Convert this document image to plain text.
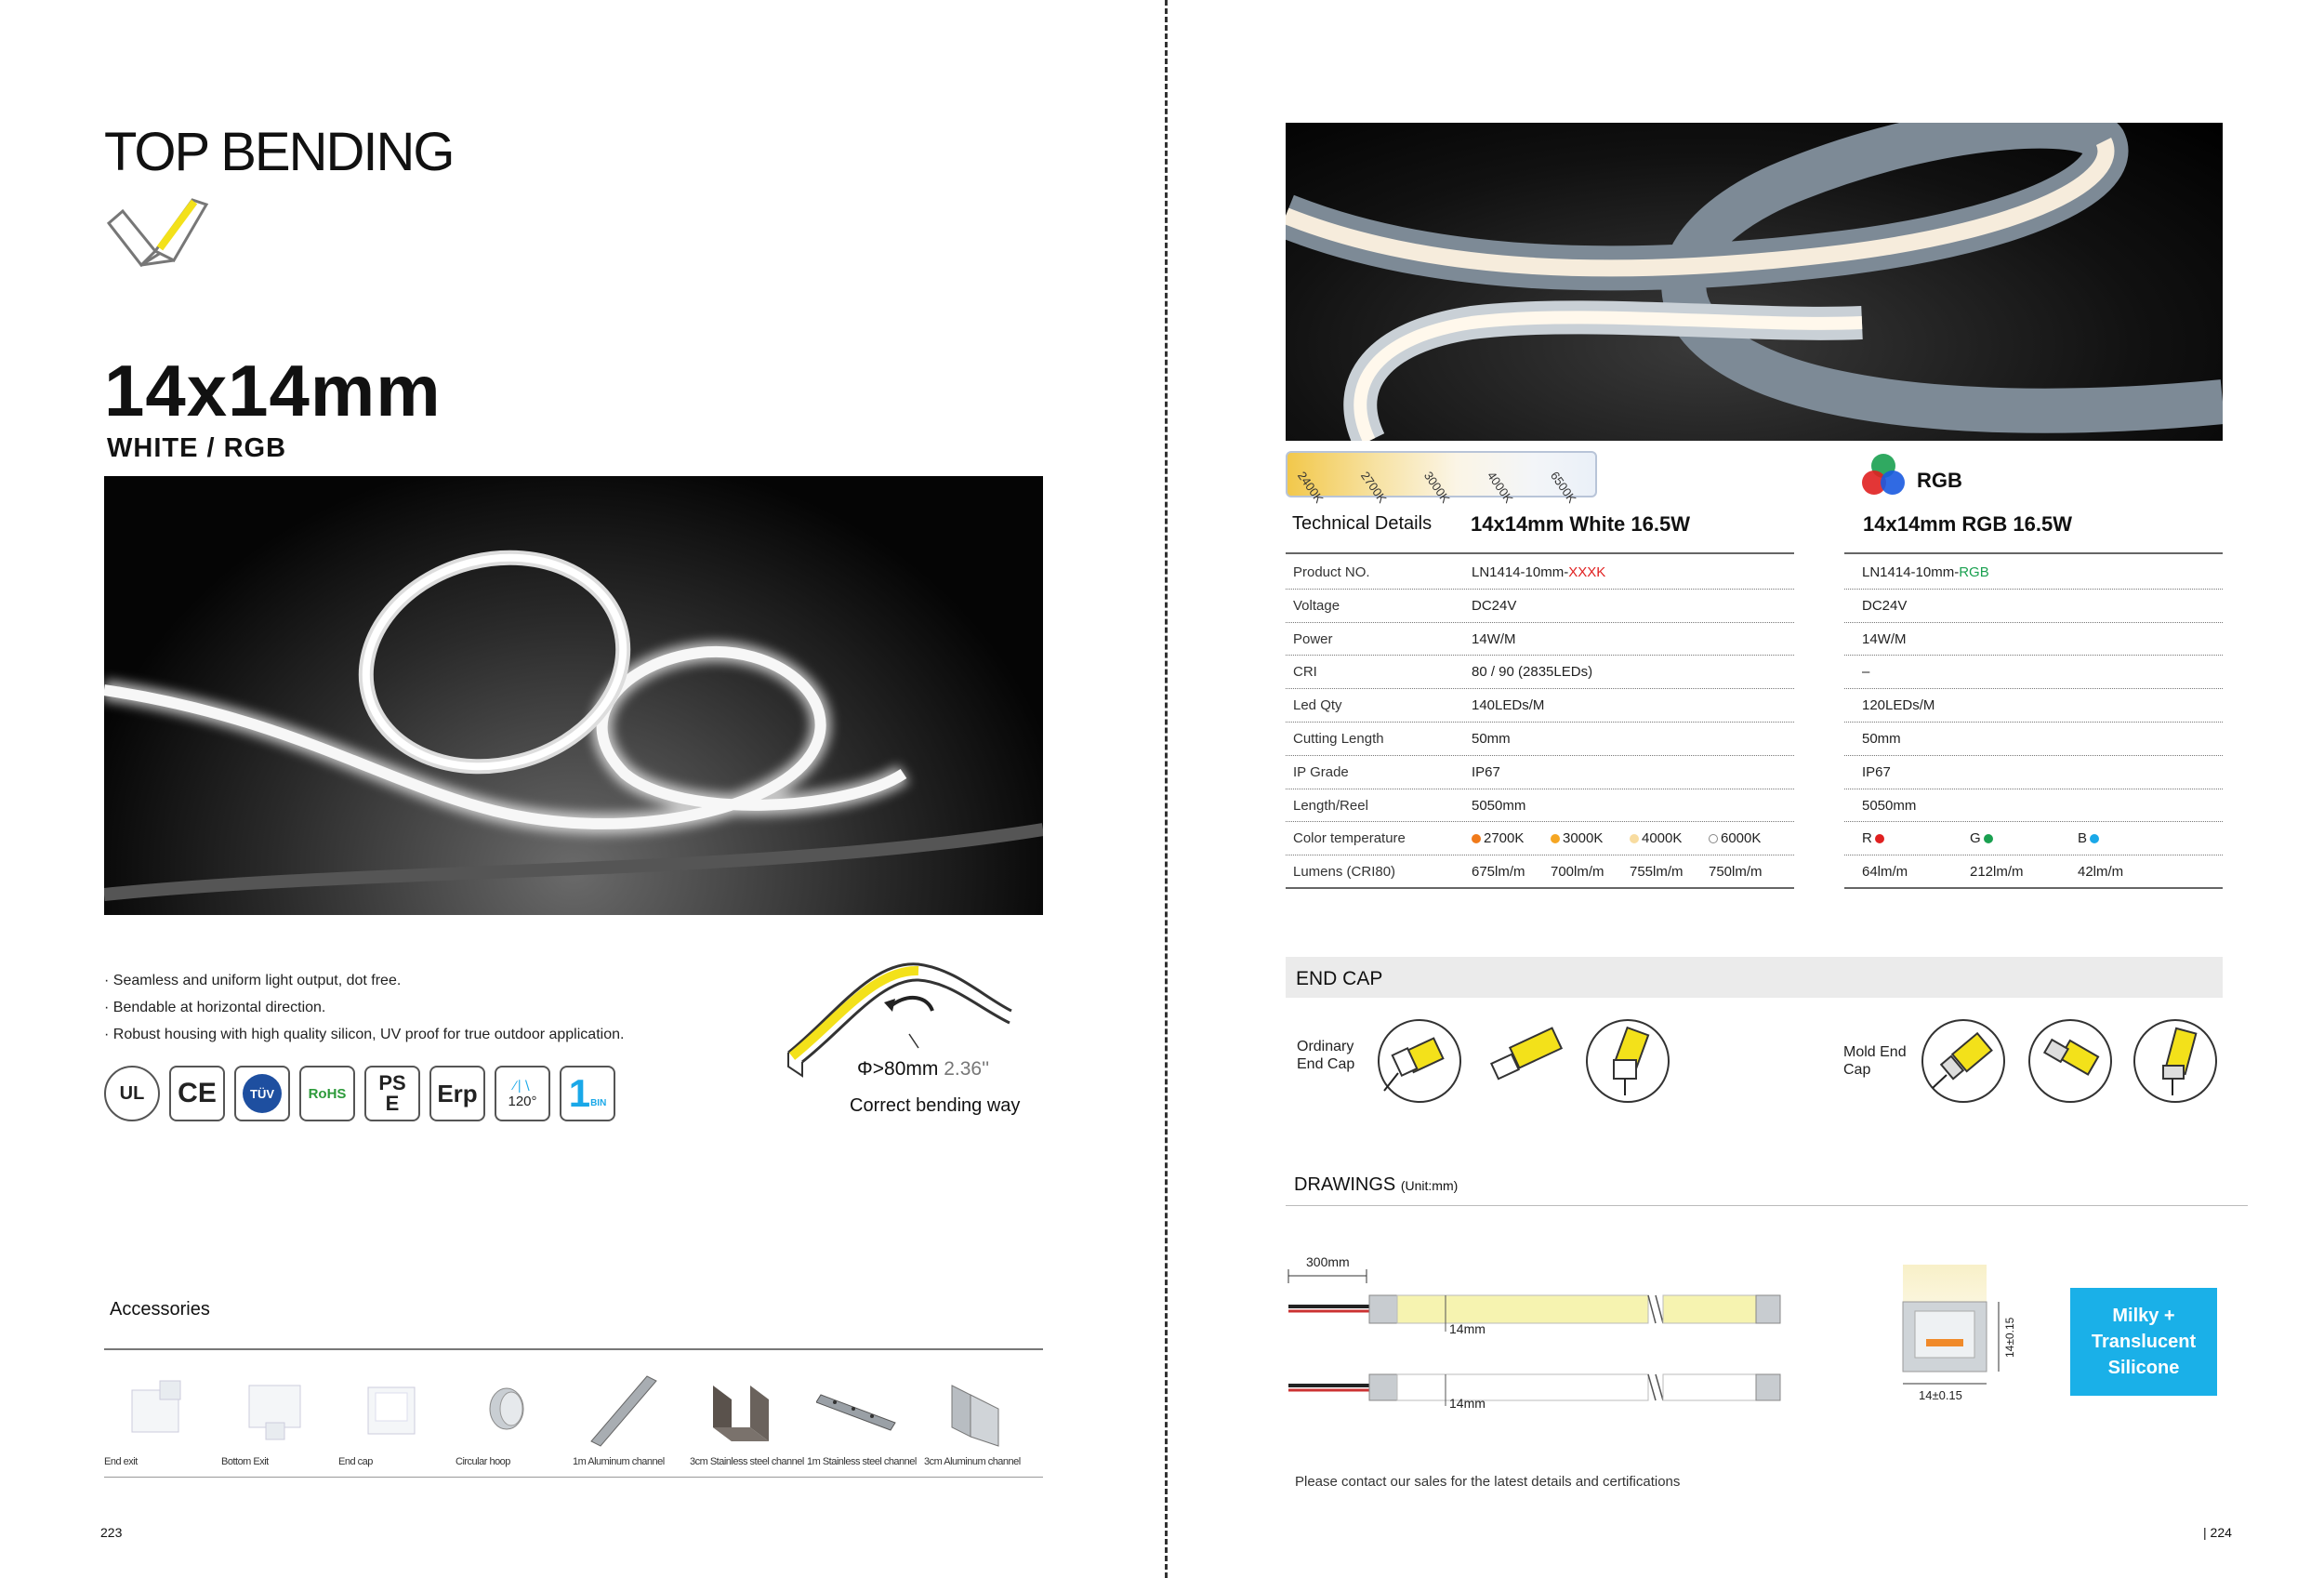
TOP BENDING
14x14mm
WHITE / RGB
· Seamless and uniform light output, dot free.
· Bendable at horizontal direction.
· Robust housing with high quality silicon, UV proof for true outdoor application.
UL CE	TÜV	RoHS PS E	Erp	∕∣∖
120° 1 BIN
Φ>80mm 2.36''
Correct bending way
Accessories
End exit	Bottom Exit	End cap	Circular hoop	1m Aluminum channel 3cm Stainless steel channel 1m Stainless steel channel 3cm Aluminum channel
223
2400K	2700K	3000K	4000K	6500K	RGB
Technical Details 14x14mm White 16.5W	14x14mm RGB 16.5W
Product NO.	LN1414-10mm-XXXK	LN1414-10mm-RGB
Voltage	DC24V	DC24V
Power	14W/M	14W/M
CRI	80 / 90 (2835LEDs)	–
Led Qty	140LEDs/M	120LEDs/M
Cutting Length	50mm	50mm
IP Grade	IP67	IP67
Length/Reel	5050mm	5050mm
Color temperature	2700K	3000K	4000K	6000K	R	G	B
Lumens (CRI80)	675lm/m 700lm/m 755lm/m 750lm/m	64lm/m	212lm/m	42lm/m
END CAP
Ordinary End Cap
Mold End Cap
DRAWINGS (Unit:mm)
300mm
14mm
14mm
14±0.15
14±0.15
Milky + Translucent Silicone
Please contact our sales for the latest details and certifications
| 224
